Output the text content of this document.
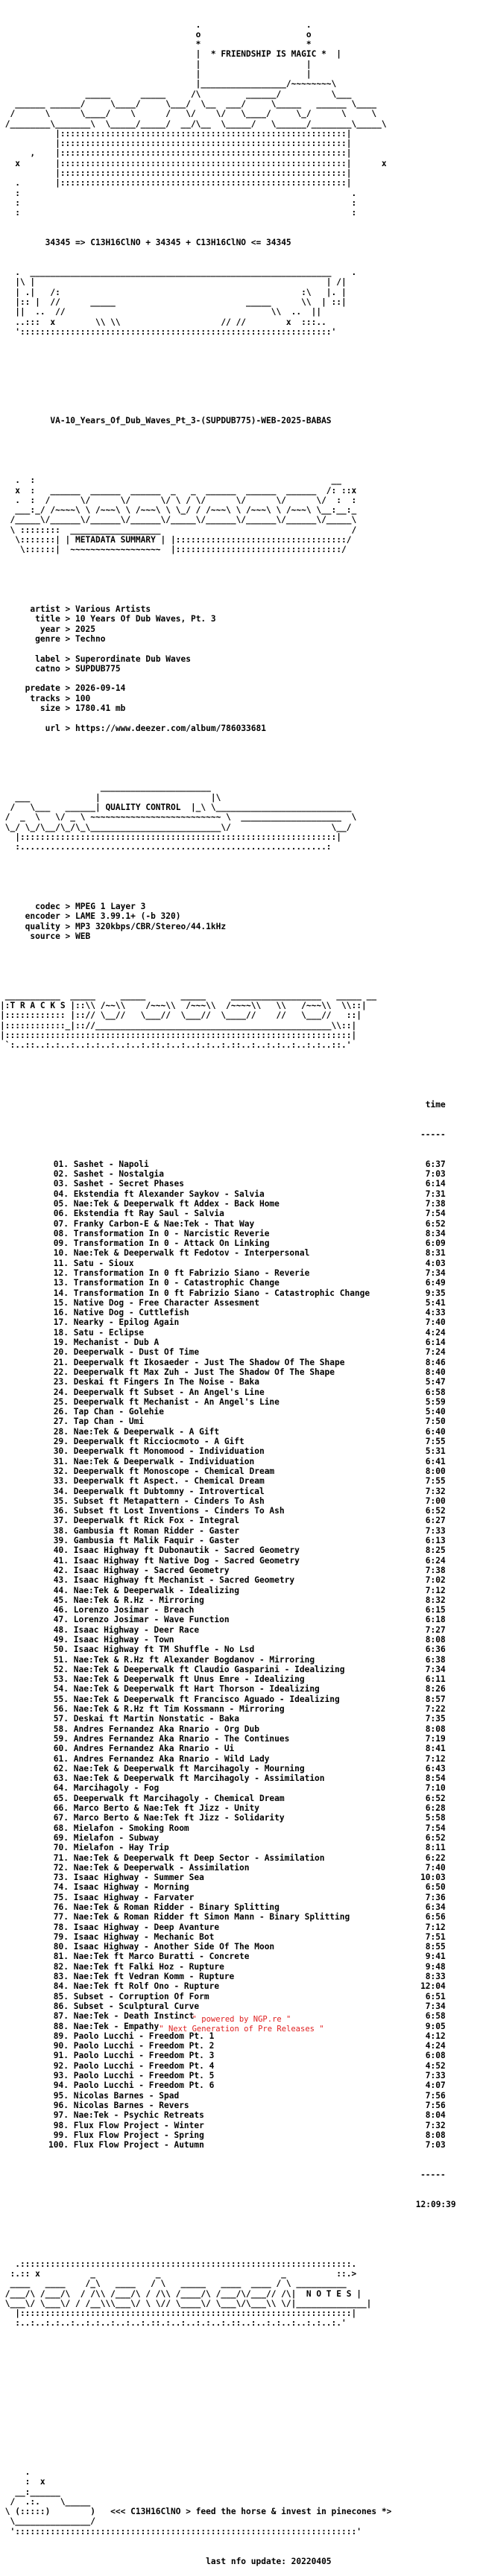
.                     .
o                     o
*                     *
|  * FRIENDSHIP IS MAGIC *  |
|                     |
|                     |
|_________________/~~~~~~~~\
_____      _____     /\         ______/          \___
______ ______/     \____/     \___/  \__  ___/     \_____   ______ \____
/      \      \____/    \      /   \/    \/   \____/     \_/      \     \
/________\_______\  \_____/_____/  __/\__  \_____/   \______/________\_____\
|:::::::::::::::::::::::::::::::::::::::::::::::::::::::::|
|:::::::::::::::::::::::::::::::::::::::::::::::::::::::::|
,    |:::::::::::::::::::::::::::::::::::::::::::::::::::::::::|
x       |:::::::::::::::::::::::::::::::::::::::::::::::::::::::::|      x
|:::::::::::::::::::::::::::::::::::::::::::::::::::::::::|
.       |:::::::::::::::::::::::::::::::::::::::::::::::::::::::::|
:                                                                  .
:                                                                  :
:                                                                  :

34345 => C13H16ClNO + 34345 + C13H16ClNO <= 34345

.  ____________________________________________________________    .
|\ |                                                          | /|
| .|   /:                                                :\   |. |
|:: |  //      _____                          _____      \\  | ::|
||  ..  //                                         \\  ..  ||
..:::  x        \\ \\                    // //        x  :::..
'::::::::::::::::::::::::::::::::::::::::::::::::::::::::::::::'

VA-10_Years_Of_Dub_Waves_Pt_3-(SUPDUB775)-WEB-2025-BABAS

.  :                                                           __
x  :   ______  ______  ______  _   _  ______  ______  ______  /: ::x
.  :  /      \/      \/      \/ \ / \/      \/      \/      \/  :  :
___:_/ /~~~~\ \ /~~~\ \ /~~~\ \ \_/ / /~~~\ \ /~~~\ \ /~~~\ \__:__:_
/_____\/______\/______\/______\/_____\/______\/______\/______\/_____\
\ ::::::::  __________________                                      /
\:::::::| | METADATA SUMMARY | |::::::::::::::::::::::::::::::::::/
\::::::|  ~~~~~~~~~~~~~~~~~~  |:::::::::::::::::::::::::::::::::/

artist > Various Artists
title > 10 Years Of Dub Waves, Pt. 3
year > 2025
genre > Techno
label > Superordinate Dub Waves
catno > SUPDUB775
predate > 2026-09-14
tracks > 100
size > 1780.41 mb
url > https://www.deezer.com/album/786033681

______________________
___             |                      |\
/   \___   ______| QUALITY CONTROL  |_\ \___________________________
/  _  \   \/ _ \ ~~~~~~~~~~~~~~~~~~~~~~~~~~ \  ____________________  \
\_/ \_/\__/\_/\_\__________________________\/                    \__/
|:::::::::::::::::::::::::::::::::::::::::::::::::::::::::::::::|
:.............................................................:

codec > MPEG 1 Layer 3
encoder > LAME 3.99.1+ (-b 320)
quality > MP3 320kbps/CBR/Stereo/44.1kHz
source > WEB

___________  _____     _____       _____     __________________   _____ __
|:T R A C K S |::\\ /~~\\    /~~~\\  /~~~\\  /~~~~\\   \\   /~~~\\  \\::|
|:::::::::::: |::// \__//   \___//  \___//  \____//    //   \___//   ::|
|::::::::::::_|:://_______________________________________________\\::|
|:::::::::::::::::::::::::::::::::::::::::::::::::::::::::::::::::::::|
`:..::..:.:..:..:.:..:..:..:.::.:..:..:.:..:.::..:..:.:..:..:.:..::.'

time

-----

01. Sashet - Napoli	6:37
02. Sashet - Nostalgia	7:03
03. Sashet - Secret Phases	6:14
04. Ekstendia ft Alexander Saykov - Salvia	7:31
05. Nae:Tek & Deeperwalk ft Addex - Back Home	7:38
06. Ekstendia ft Ray Saul - Salvia	7:54
07. Franky Carbon-E & Nae:Tek - That Way	6:52
08. Transformation In 0 - Narcistic Reverie	8:34
09. Transformation In 0 - Attack On Linking	6:09
10. Nae:Tek & Deeperwalk ft Fedotov - Interpersonal	8:31
11. Satu - Sioux	4:03
12. Transformation In 0 ft Fabrizio Siano - Reverie	7:34
13. Transformation In 0 - Catastrophic Change	6:49
14. Transformation In 0 ft Fabrizio Siano - Catastrophic Change	9:35
15. Native Dog - Free Character Assesment	5:41
16. Native Dog - Cuttlefish	4:33
17. Nearky - Epilog Again	7:40
18. Satu - Eclipse	4:24
19. Mechanist - Dub A	6:14
20. Deeperwalk - Dust Of Time	7:24
21. Deeperwalk ft Ikosaeder - Just The Shadow Of The Shape	8:46
22. Deeperwalk ft Max Zuh - Just The Shadow Of The Shape	8:40
23. Deskai ft Fingers In The Noise - Baka	5:47
24. Deeperwalk ft Subset - An Angel's Line	6:58
25. Deeperwalk ft Mechanist - An Angel's Line	5:59
26. Tap Chan - Golehie	5:40
27. Tap Chan - Umi	7:50
28. Nae:Tek & Deeperwalk - A Gift	6:40
29. Deeperwalk ft Ricciocmoto - A Gift	7:55
30. Deeperwalk ft Monomood - Individuation	5:31
31. Nae:Tek & Deeperwalk - Individuation	6:41
32. Deeperwalk ft Monoscope - Chemical Dream	8:00
33. Deeperwalk ft Aspect. - Chemical Dream	7:55
34. Deeperwalk ft Dubtomny - Introvertical	7:32
35. Subset ft Metapattern - Cinders To Ash	7:00
36. Subset ft Lost Inventions - Cinders To Ash	6:52
37. Deeperwalk ft Rick Fox - Integral	6:27
38. Gambusia ft Roman Ridder - Gaster	7:33
39. Gambusia ft Malik Faquir - Gaster	6:13
40. Isaac Highway ft Dubonautik - Sacred Geometry	8:25
41. Isaac Highway ft Native Dog - Sacred Geometry	6:24
42. Isaac Highway - Sacred Geometry	7:38
43. Isaac Highway ft Mechanist - Sacred Geometry	7:02
44. Nae:Tek & Deeperwalk - Idealizing	7:12
45. Nae:Tek & R.Hz - Mirroring	8:32
46. Lorenzo Josimar - Breach	6:15
47. Lorenzo Josimar - Wave Function	6:18
48. Isaac Highway - Deer Race	7:27
49. Isaac Highway - Town	8:08
50. Isaac Highway ft TM Shuffle - No Lsd	6:36
51. Nae:Tek & R.Hz ft Alexander Bogdanov - Mirroring	6:38
52. Nae:Tek & Deeperwalk ft Claudio Gasparini - Idealizing	7:34
53. Nae:Tek & Deeperwalk ft Unus Emre - Idealizing	6:11
54. Nae:Tek & Deeperwalk ft Hart Thorson - Idealizing	8:26
55. Nae:Tek & Deeperwalk ft Francisco Aguado - Idealizing	8:57
56. Nae:Tek & R.Hz ft Tim Kossmann - Mirroring	7:22
57. Deskai ft Martin Nonstatic - Baka	7:35
58. Andres Fernandez Aka Rnario - Org Dub	8:08
59. Andres Fernandez Aka Rnario - The Continues	7:19
60. Andres Fernandez Aka Rnario - Ui	8:41
61. Andres Fernandez Aka Rnario - Wild Lady	7:12
62. Nae:Tek & Deeperwalk ft Marcihagoly - Mourning	6:43
63. Nae:Tek & Deeperwalk ft Marcihagoly - Assimilation	8:54
64. Marcihagoly - Fog	7:10
65. Deeperwalk ft Marcihagoly - Chemical Dream	6:52
66. Marco Berto & Nae:Tek ft Jizz - Unity	6:28
67. Marco Berto & Nae:Tek ft Jizz - Solidarity	5:58
68. Mielafon - Smoking Room	7:54
69. Mielafon - Subway	6:52
70. Mielafon - Hay Trip	8:11
71. Nae:Tek & Deeperwalk ft Deep Sector - Assimilation	6:22
72. Nae:Tek & Deeperwalk - Assimilation	7:40
73. Isaac Highway - Summer Sea	10:03
74. Isaac Highway - Morning	6:50
75. Isaac Highway - Farvater	7:36
76. Nae:Tek & Roman Ridder - Binary Splitting	6:34
77. Nae:Tek & Roman Ridder ft Simon Mann - Binary Splitting	6:56
78. Isaac Highway - Deep Avanture	7:12
79. Isaac Highway - Mechanic Bot	7:51
80. Isaac Highway - Another Side Of The Moon	8:55
81. Nae:Tek ft Marco Buratti - Concrete	9:41
82. Nae:Tek ft Falki Hoz - Rupture	9:48
83. Nae:Tek ft Vedran Komm - Rupture	8:33
84. Nae:Tek ft Rolf Ono - Rupture	12:04
85. Subset - Corruption Of Form	6:51
86. Subset - Sculptural Curve	7:34
87. Nae:Tek - Death Instinct	6:58
88. Nae:Tek - Empathy	9:05
89. Paolo Lucchi - Freedom Pt. 1	4:12
90. Paolo Lucchi - Freedom Pt. 2	4:24
91. Paolo Lucchi - Freedom Pt. 3	6:08
92. Paolo Lucchi - Freedom Pt. 4	4:52
93. Paolo Lucchi - Freedom Pt. 5	7:33
94. Paolo Lucchi - Freedom Pt. 6	4:07
95. Nicolas Barnes - Spad	7:56
96. Nicolas Barnes - Revers	7:56
97. Nae:Tek - Psychic Retreats	8:04
98. Flux Flow Project - Winter	7:32
99. Flux Flow Project - Spring	8:08
100. Flux Flow Project - Autumn	7:03

-----

12:09:39

.::::::::::::::::::::::::::::::::::::::::::::::::::::::::::::::::::.
:.:: x          _            _                        _          ::.>
____   ____    /_\   ____   / \   _____   ____  ____ / \ __________
/___/\ /___/\  / /\\ /___/\ / /\\ /____/\ /___/\/___// /\|  N O T E S |
\___\/ \___\/ / /__\\\___\/ \ \// \____\/ \___\/\___\\ \/|______________|
|::::::::::::::::::::::::::::::::::::::::::::::::::::::::::::::::::|
:..:..:.:..:..:.:..:..:..:.::.:..:..:.:..:.::..:..:.:..:..:.:..:.'

.
:  x
__:______
/  .:.    \_____
\ (:::::)        )   <<< C13H16ClNO > feed the horse & invest in pinecones *>
\_______________/
'::::::::::::::::::::::::::::::::::::::::::::::::::::::::::::::::::::'

last nfo update: 20220405

" powered by NGP.re "
" Next Generation of Pre Releases "
